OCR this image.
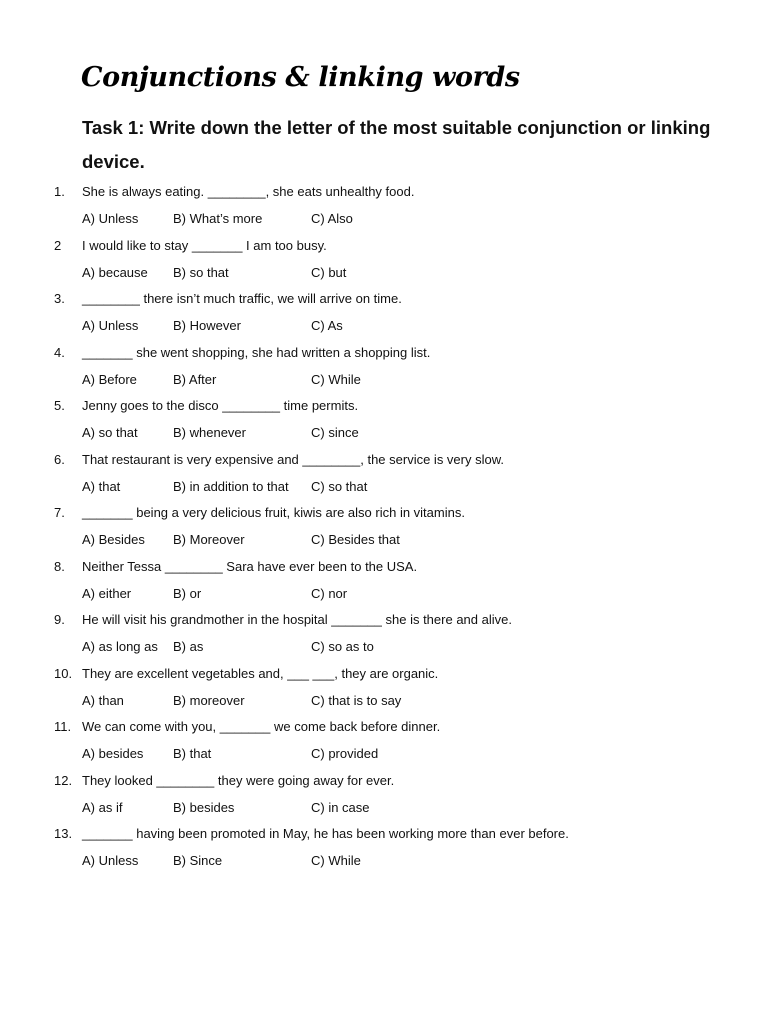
Conjunctions & linking words
Task 1: Write down the letter of the most suitable conjunction or linking device.
1. She is always eating. ________, she eats unhealthy food.
A) Unless	B) What’s more	C) Also
2 I would like to stay _______ I am too busy.
A) because B) so that	C) but
3. ________ there isn’t much traffic, we will arrive on time.
A) Unless	B) However	C) As
4. _______ she went shopping, she had written a shopping list.
A) Before	B) After	C) While
5. Jenny goes to the disco ________ time permits.
A) so that	B) whenever	C) since
6. That restaurant is very expensive and ________, the service is very slow.
A) that	B) in addition to that C) so that
7. _______ being a very delicious fruit, kiwis are also rich in vitamins.
A) Besides B) Moreover	C) Besides that
8. Neither Tessa ________ Sara have ever been to the USA.
A) either	B) or	C) nor
9. He will visit his grandmother in the hospital _______ she is there and alive.
A) as long as B) as	C) so as to
10. They are excellent vegetables and, ___ ___, they are organic.
A) than	B) moreover	C) that is to say
11. We can come with you, _______ we come back before dinner.
A) besides B) that	C) provided
12. They looked ________ they were going away for ever.
A) as if	B) besides	C) in case
13. _______ having been promoted in May, he has been working more than ever before.
A) Unless	B) Since	C) While
